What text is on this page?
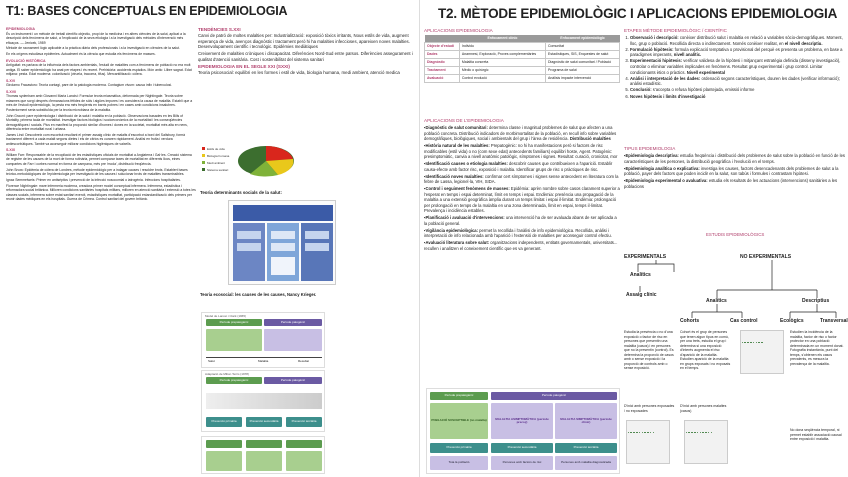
T1: BASES CONCEPTUALS EN EPIDEMIOLOGIA
EPIDEMIOLOGIA
És un instrument i un mètode de treball científic objectiu, propi de la medicina i en altres ciències de la salut, aplicat a la descripció dels fenòmens de salut, a l'explicació de la seva etiologia i a la investigació dels mètodes d'intervenció més eficaços. — Jenicek, 1989
Mètode de raonament lògic aplicable a la pràctica diària dels professionals i a la investigació en ciències de la salut.
En els orígens estudiava epidèmies. Actualment és la ciència que estudia els fenòmens de masses.
EVOLUCIÓ HISTÒRICA
Antiguitat: es parlava de la influència dels factors ambientals, l'estudi de malalties com a fenòmens de població no era molt antiga. El saber epidemiològic ha anat per etapes i és recent. Prehistòria: accidents espàdics. Món antic: Llibre sagrat. Edat mitjana: pesta. Edat moderna: colonització (viruela, tracoma, tifus). Mercantilització: còlera.
S.XVI
Girolamo Fracastoro: Teoria contagi, pare de la patologia moderna. Contagium vivum: causa ínfix i tuberculosi.
S.XVII
Thomas sydenham amb Giovanni Maria Lancisi: Formular teoria miasmàtica, deformada per Nightingale. Teoria sobre miasmes que sorgí després d'emanacions fètides de sòls i aigües impures i es considera la causa de malaltia. Establí que a més de l'estudi epidemiològic, la pesta era més freqüents en barris pobres i en cases amb condicions insalubres. Posteriorment seria substituïda per la teoria microbiana de la malaltia.
John Graunt: pare epidemiologia i distribució de la salut i malaltia en la població. Observacions basades en les Bills of Mortality, primera taula de mortalitat. Investigar factors biològics i socioeconòmics de la mortalitat i les conseqüències demogràfiques i socials. Pius en manifest la proporció similar d'homes i dones en la societat, mortalitat més alta en nens, diferència entre mortalitat rural i urbana.
James Lind: Descobreix com escorbut resultant el primer assaig clínic de malalts d'escorbut a bord del Salisbury, formà tractament diferent a cada malalt segons dietes i els de cítrics es curaren ràpidament. Anàlisi en fruita i verdura antiescorbútiques. També va aconseguir millorar condicions higièniques de vaixells.
S.XIX
William Farr: Responsable de la recopilació de les estadístiques oficials de mortalitat a Anglaterra i Gal·les. Creació sistema de registre de les causes de la mort de forma rutinària, permet comparar taxes de mortalitat en diferents llocs, eines compartes de Farr i corbes normal en forma de campana, més pre 'moda', distribució freqüència.
John Snow: Epidèmia de còlera de Londres, mètode epidemiològic per a indagar causes i resoldre brots. Establert bases teòrico-metodològiques de l'epidemiologia per investigació de les causes i solucionar brots de malalties transmissibles.
Ignaz Semmelweis: Primer en antiséptics i prevenció de la infecció nosocomial o iatrogènia. Infeccions hospitalàries.
Florence Nightingale: mare infermeria moderna, creadora primer model conceptual infermera. Infermera, estadística i reformadora social britànica. Milloren condicions sanitàries hospitals militars, milloren en atenció sanitària i extensió a totes les classes socials, infermera sobre estat sanitari exercit, estadístiques mortalitat, participació estandardització dels primers per reunir dades mèdiques en els hospitals. Guerra de Crimea. Control sanitari del govern britànic.
TENDÈNCIES S.XXI
Canvi de patró de moltes malalties per: Industrialització: exposició tòxics irritants, Nous estils de vida, augment esperança de vida, avenços diagnòstic i tractament però hi ha malalties infeccioses, apareixen noves malalties. Desenvolupament científic i tecnològic. Epidèmies mediàtiques
Creixement de malalties cròniques i discapacitat. Diferències Nord-Sud entre països. Diferències assegurament i qualitat d'atenció sanitària. Cost i sostenibilitat del sistema sanitari
EPIDEMIOLOGIA EN EL SEGLE XXI (SXXI)
Teoria psicosocial: equilibri en les formes i estil de vida, biologia humana, medi ambient, atenció medica
Estils de vida
Biologia humana
Medi ambient
Sistema sanitari
Teoria determinants socials de la salut:
Teoria ecosocial: les causes de les causes, Nancy Krieger.
Model de Lancet i Clark (1965)
Període prepatogènic	Període patogènic
Salut	Malaltia	Resultat
Adaptació de Milton Terris (1978)
Període prepatogènic	Període patogènic
Prevenció primària	Prevenció secundària	Prevenció terciària
T2. MÈTODE EPIDEMIOLÒGIC I APLICACIONS EPIDEMIOLOGIA
APLICACIONS EPIDEMIOLOGIA
	Enfocament clínic	Enfocament epidemiològic
Objecte d'estudi	Individu	Comunitat
Dades	Anamnesi, Exploració, Proves complementàries	Estadístiques, SIS, Enquestes de salut
Diagnòstic	Malaltia concreta	Diagnòstic de salut comunitari / Població
Tractament	Mèdic o quirúrgic	Programa de salut
Avaluació	Control evolució	Anàlisis impacte intervenció
APLICACIONS DE L'EPIDEMIOLOGIA
▪Diagnòstic de salut comunitari: determina classe i magnitud problemes de salut que afecten a una població concreta. Distribució indicadors de morbimortalitat de la població, en recull info sobre variables demogràfiques, biològiques, social i ambientals del grup i l'àrea de residència. Distribució malalties
▪Història natural de les malalties: Prepatogènic: no hi ha manifestacions però si factors de risc modificables (estil vida) o no (com sexe edat) antecedents familiars) equilibri hoste, Agent. Patogènic: presimptomàtic, canvia a nivell anatòmic patològic, símptomes i signes. Resultat: curació, cronicitat, mor
▪Identificació causes o etiologia malalties: descobrir causes que contribueixen a l'aparició. Establir causa-efecte amb factor risc, exposició i malaltia. Identificar grups de risc o pràctiques de risc.
▪Identificació noves malalties: confirmar cert símptomes i signes sense antecedent en literatura com la febre de Lassa, legionel·la, VIH, SIDA.
▪Control i seguiment fenòmens de masses: Epidèmia: aprèn nombre sobre casos clarament superior a l'esperat en temps i espai determinat, límit en temps i espai. Endèmia: presència una propagació de la malaltia a una extensió geogràfica àmplia durant un temps limitat i espai il·limitat. Endèmia: prolongació per prolongació en temps de la malaltia en una zona determinada, límit en espai, temps il·limitat. Prevalença i incidència estables.
▪Planificació i avaluació d'intervencions: una intervenció ha de ser avaluada abans de ser aplicada a la població general.
▪Vigilància epidemiològica: permet la recollida i l'anàlisi de info epidemiològica. Recollida, anàlisi i interpretació de info relacionada amb l'aparició i l'extensió de malalties per aconseguir control efectiu.
▪Avaluació literatura sobre salut: organitzacions independents, entitats governamentals, universitats... recullen i analitzen el coneixement científic que es va generant.
Període prepatogènic	Període patogènic
POBLACIÓ SUSCEPTIBLE (no malalta)	MALALTIA ASIMPTOMÀTICA (període precoç)
MALALTIA SIMPTOMÀTICA (període clínic)
Prevenció primària	Prevenció secundària	Prevenció terciària
Tota la població	Persones amb factors de risc	Persones amb malaltia diagnosticada
ETAPES MÈTODE EPIDEMIOLÒGIC / CIENTÍFIC
1. Observació i descripció: conèixer distribució salut i malaltia en relació a variables sòcio-demogràfiques. Moment, lloc, grup o població. Recollida directa o indirectament. Només conèixer realitat, en el nivell descriptiu.
2. Formulació hipòtesis: formula explicació temptativa o provisional del perquè es presenta un problema, en base a paradigmes imperants, nivell analític.
3. Experimentació hipòtesis: verificar validesa de la hipòtesi i mitjançant estratègia definida (disseny investigació), controlar o eliminar variables implicades en fenòmens. Resultat grup experimental i grup control. Limitar condicionants ètics o pràctics. Nivell experimental
4. Anàlisi i interpretació de les dades: ordenació segons característiques, douren les dades (verificar informació); anàlisi estadístic.
5. Conclusió: s'accepta o refusa hipòtesi plantejada, emissió informe
6. Noves hipòtesis i límits d'investigació
TIPUS EPIDEMIOLOGIA
▪Epidemiologia descriptiva: estudia freqüència i distribució dels problemes de salut sobre la població en funció de les característiques de les persones, la distribució geogràfica i l'evolució en el temps.
▪Epidemiologia analítica o explicativa: investiga les causes, factors desencadenants dels problemes de salut a la població, payer dels factors que poden incidir en la salut, son tabús i formules i contrastam hipòtesi.
▪Epidemiologia experimental o avaluativa: estudia els resultats de les actuacions (intervencions) sanitàries a les poblacions
ESTUDIS EPIDEMIOLÒGICS
EXPERIMENTALS	NO EXPERIMENTALS
Analítics
Assaig clínic
Analítics	Descriptius
Cohorts	Cas control	Ecològics	Transversal
Estudia la presència o no d'una exposició o factor de risc en persones que presentin una malaltia (casos) i en persones que no la presentin (control). Es determina la proporció de casos amb o sense exposició i la proporció de controls amb o sense exposició.
Cohort és el grup de persones que tenen algun tipus en comú, per una trets, estudia el grup i determina si una exposició d'interès augmenta el risc d'aparició de la malaltia. Estudien aparició de la malaltia en grups exposats i no exposats en el temps.
Estudien la incidència de la malaltia, factor de risc o factor protector en una població determinada en un moment donat. Fotografia instantània, punt del temps, s'obtenen els casos prevalents, es mesura la prevalença de la malaltia.
No dona seqüència temporal, ni permet establir associació causal entre exposició i malaltia.
D'inici amb persones exposades / no exposades
D'inici amb persones malaltes (casos)
